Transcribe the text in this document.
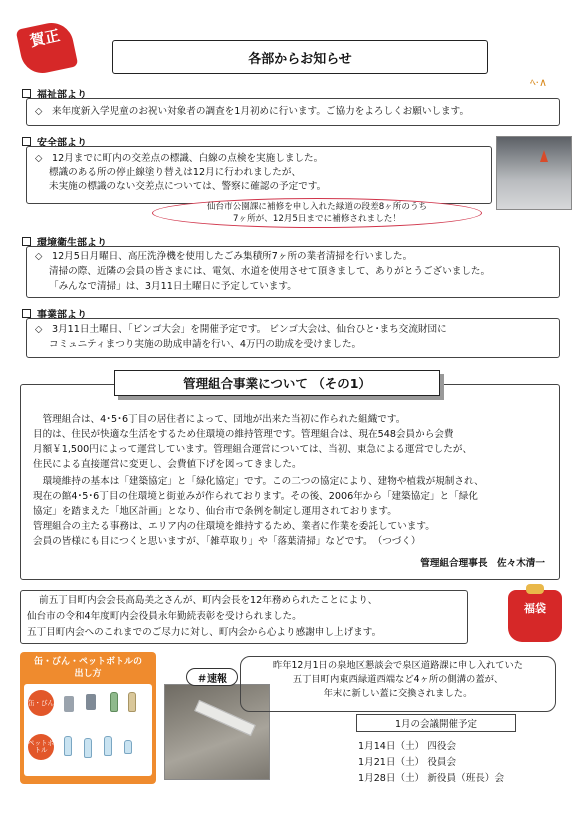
賀正
各部からお知らせ
ﾍ·∧
福祉部より
◇　来年度新入学児童のお祝い対象者の調査を1月初めに行います。ご協力をよろしくお願いします。
安全部より
◇　12月までに町内の交差点の標識、白線の点検を実施しました。
標識のある所の停止線塗り替えは12月に行われましたが、
未実施の標識のない交差点については、警察に確認の予定です。
仙台市公園課に補修を申し入れた緑道の段差8ヶ所のうち
7ヶ所が、12月5日までに補修されました！
環境衛生部より
◇　12月5日月曜日、高圧洗浄機を使用したごみ集積所7ヶ所の業者清掃を行いました。
清掃の際、近隣の会員の皆さまには、電気、水道を使用させて頂きまして、ありがとうございました。
「みんなで清掃」は、3月11日土曜日に予定しています。
事業部より
◇　3月11日土曜日、「ビンゴ大会」を開催予定です。 ビンゴ大会は、仙台ひと･まち交流財団に
コミュニティまつり実施の助成申請を行い、4万円の助成を受けました。
　管理組合は、4･5･6丁目の居住者によって、団地が出来た当初に作られた組織です。
目的は、住民が快適な生活をするため住環境の維持管理です。管理組合は、現在548会員から会費
月額￥1,500円によって運営しています。管理組合運営については、当初、東急による運営でしたが、
住民による直接運営に変更し、会費値下げを図ってきました。
　環境維持の基本は「建築協定」と「緑化協定」です。この二つの協定により、建物や植栽が規制され、
現在の館4･5･6丁目の住環境と街並みが作られております。その後、2006年から「建築協定」と「緑化
協定」を踏まえた「地区計画」となり、仙台市で条例を制定し運用されております。
管理組合の主たる事務は、エリア内の住環境を維持するため、業者に作業を委託しています。
会員の皆様にも目につくと思いますが、「雑草取り」や「落葉清掃」などです。　（つづく）
管理組合理事長　佐々木清一
管理組合事業について （その1）
前五丁目町内会会長高島美之さんが、町内会長を12年務められたことにより、
仙台市の令和4年度町内会役員永年勤続表彰を受けられました。
五丁目町内会へのこれまでのご尽力に対し、町内会から心より感謝申し上げます。
福袋
缶・びん・ペットボトルの
出し方
缶・びん
ペットボトル
＃速報
昨年12月1日の泉地区懇談会で泉区道路課に申し入れていた
五丁目町内東西緑道西端など4ヶ所の側溝の蓋が、
年末に新しい蓋に交換されました。
1月の会議開催予定
1月14日（土） 四役会
1月21日（土） 役員会
1月28日（土） 新役員（班長）会
